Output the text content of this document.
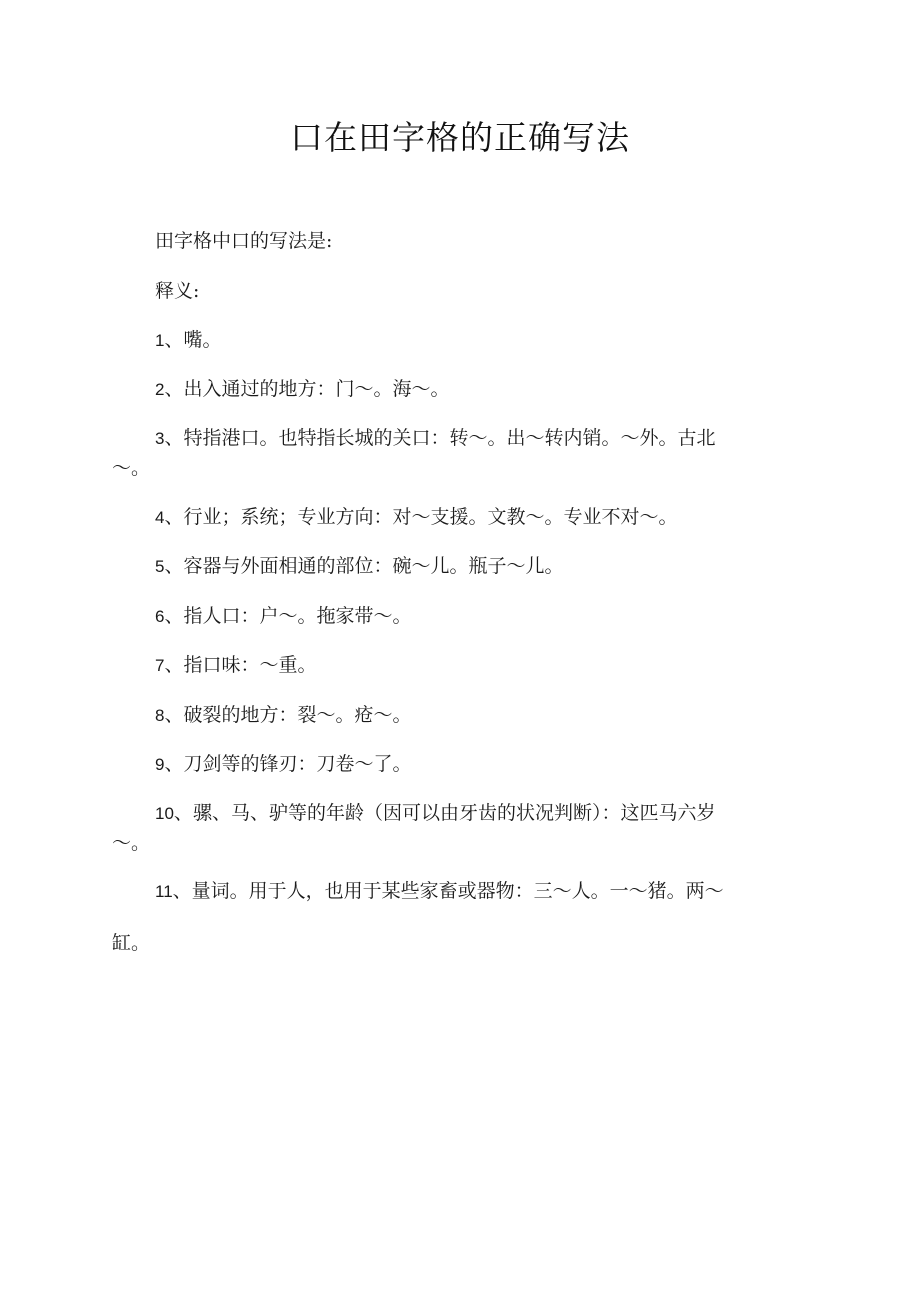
口在田字格的正确写法
田字格中口的写法是:
释义:
1、嘴。
2、出入通过的地方：门～。海～。
3、特指港口。也特指长城的关口：转～。出～转内销。～外。古北
～。
4、行业；系统；专业方向：对～支援。文教～。专业不对～。
5、容器与外面相通的部位：碗～儿。瓶子～儿。
6、指人口：户～。拖家带～。
7、指口味：～重。
8、破裂的地方：裂～。疮～。
9、刀剑等的锋刃：刀卷～了。
10、骡、马、驴等的年龄（因可以由牙齿的状况判断）：这匹马六岁
～。
11、量词。用于人，也用于某些家畜或器物：三～人。一～猪。两～
缸。
